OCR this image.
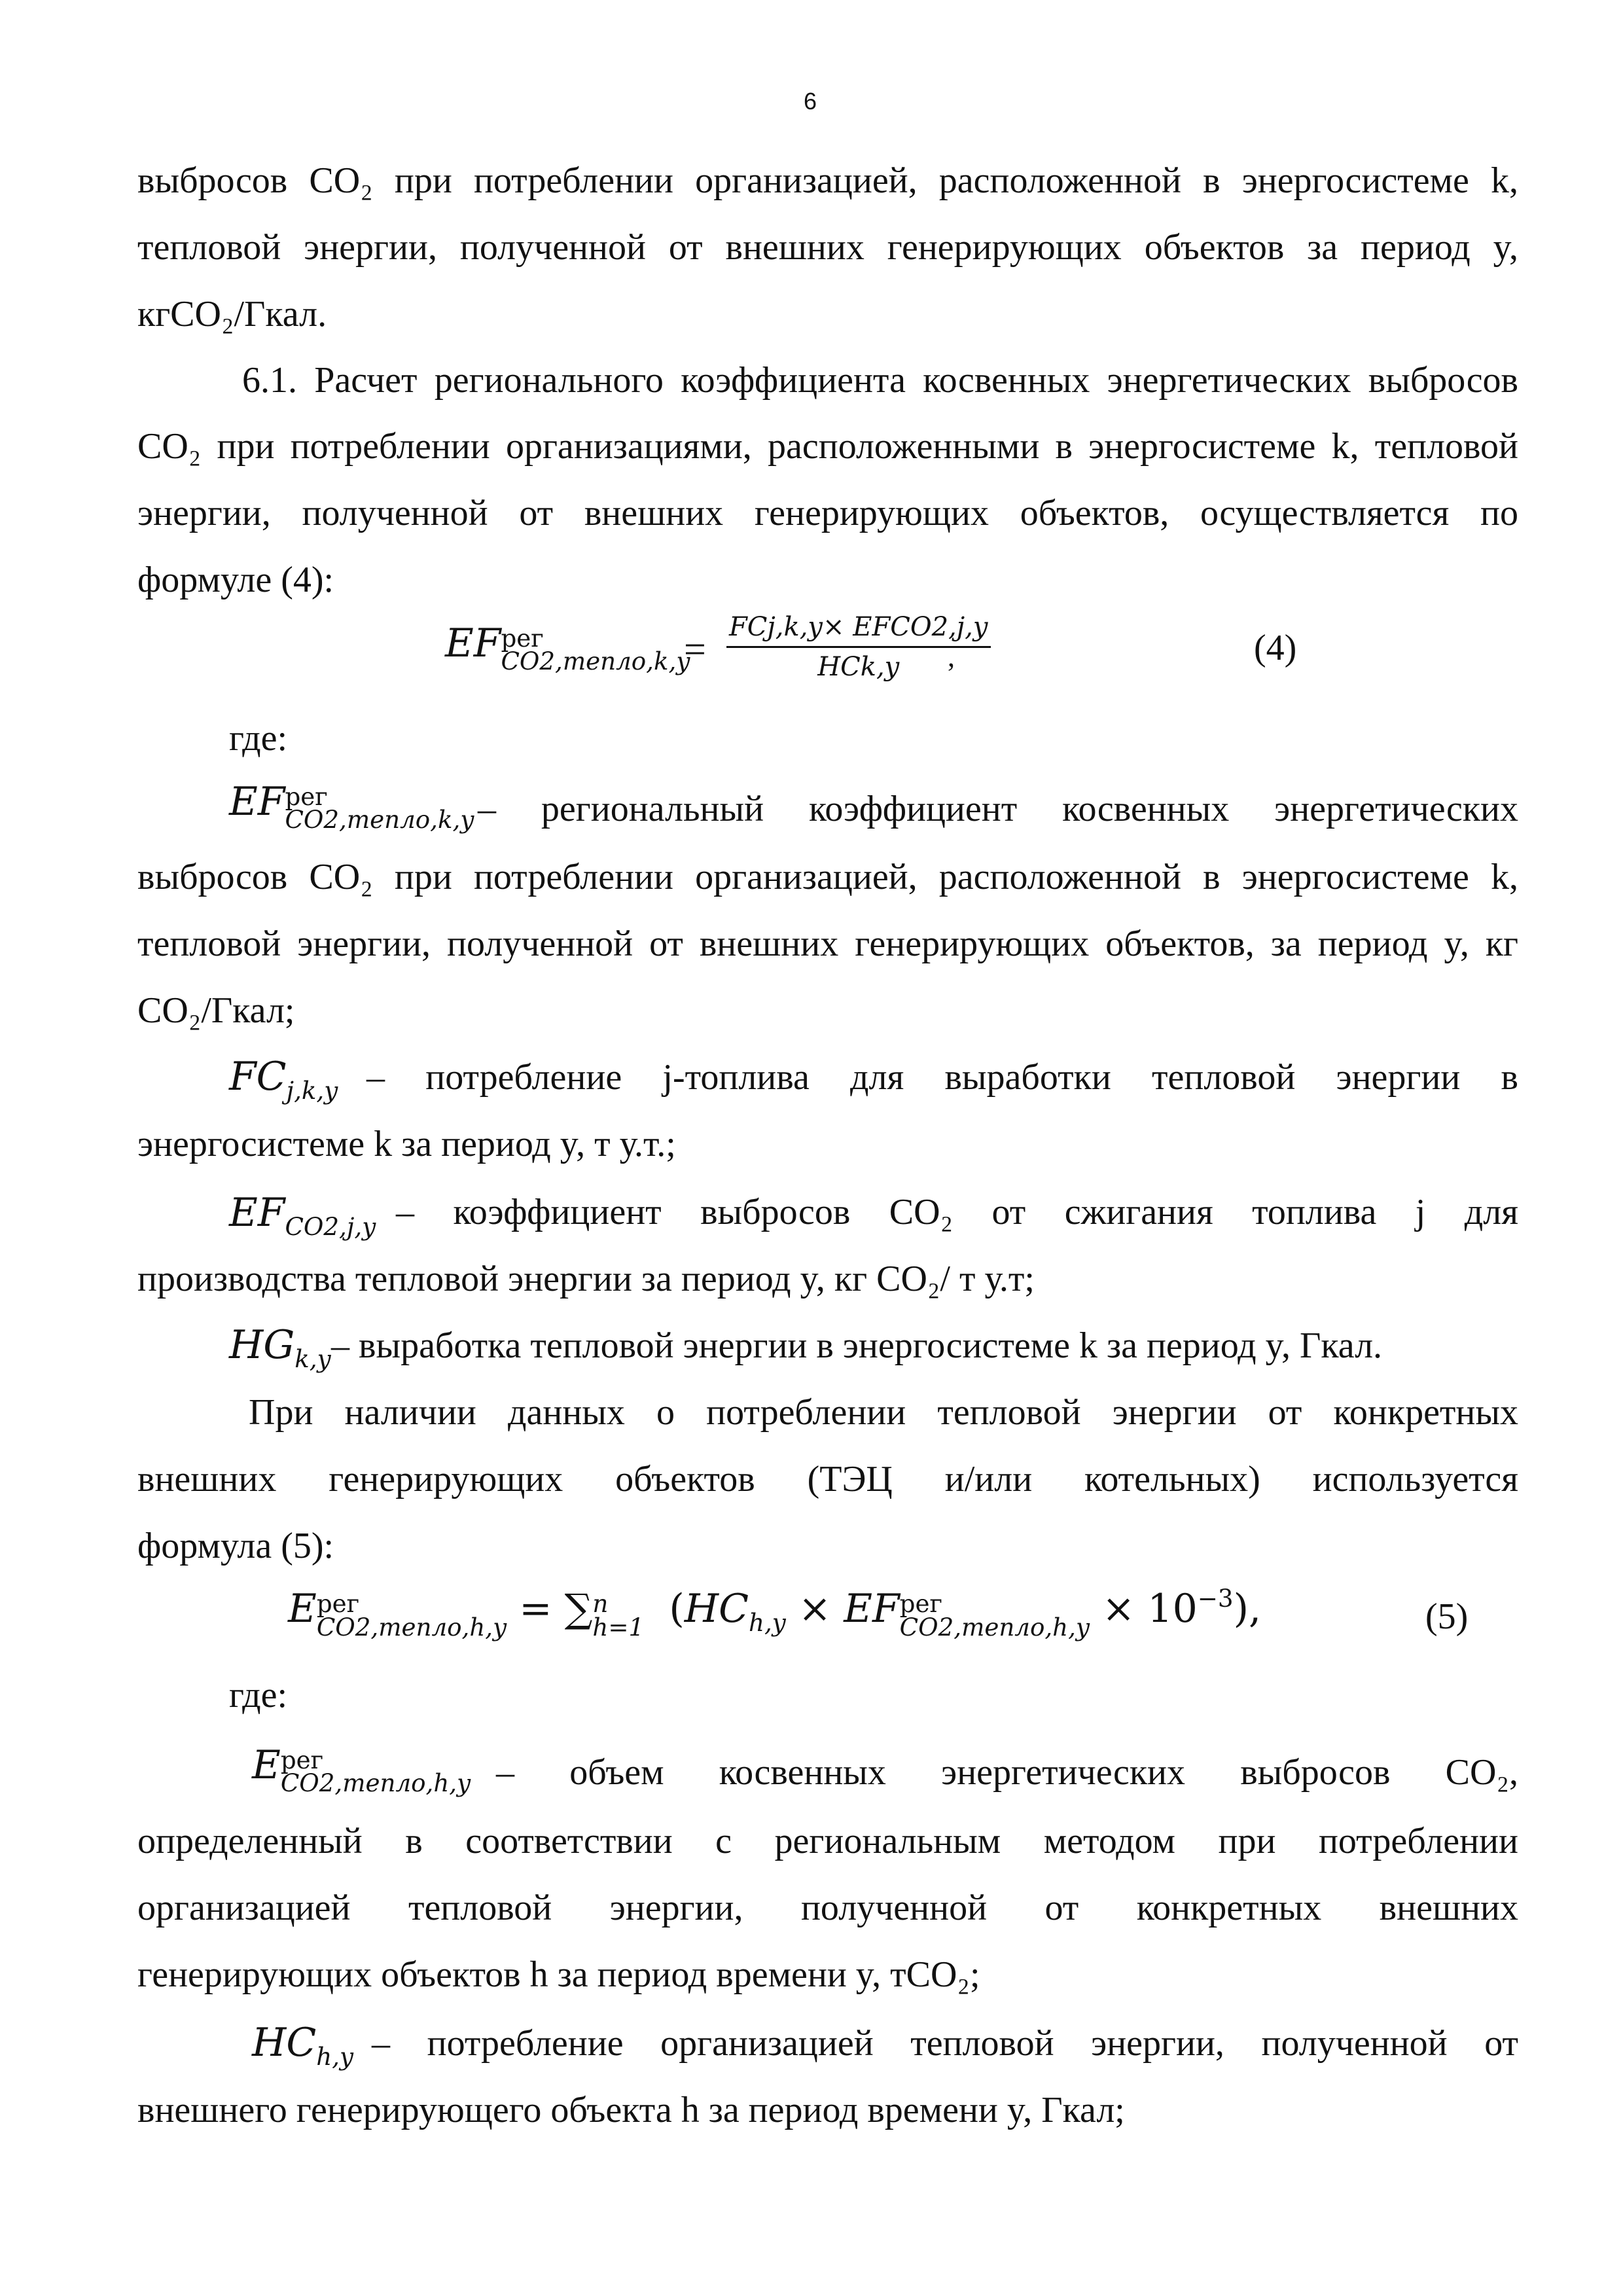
6
выбросов CO₂ при потреблении организацией, расположенной в энергосистеме k,
тепловой энергии, полученной от внешних генерирующих объектов за период y,
кгCO₂/Гкал.
6.1. Расчет регионального коэффициента косвенных энергетических выбросов
CO₂ при потреблении организациями, расположенными в энергосистеме k, тепловой
энергии, полученной от внешних генерирующих объектов, осуществляется по
формуле (4):
EF рег
CO2,тепло,k,y
= $\frac{\text{FCj,k,y× EFCO2,j,y}}{\text{HCk,y}}$
,	(4)
где:
EF рег
CO2,тепло,k,y – региональный коэффициент косвенных энергетических
выбросов CO₂ при потреблении организацией, расположенной в энергосистеме k,
тепловой энергии, полученной от внешних генерирующих объектов, за период y, кг
CO₂/Гкал;
$FC_{j,k,y}$ – потребление j-топлива для выработки тепловой энергии в
энергосистеме k за период y, т у.т.;
$EF_{CO2,j,y}$ – коэффициент выбросов CO₂ от сжигания топлива j для
производства тепловой энергии за период y, кг CO₂/ т у.т;
$HG_{k,y}$ – выработка тепловой энергии в энергосистеме k за период y, Гкал.
При наличии данных о потреблении тепловой энергии от конкретных
внешних генерирующих объектов (ТЭЦ и/или котельных) используется
формула (5):
E рег
CO2,тепло,h,y = ∑ n
h=1 ($HC_{h,y}$ × EF рег
CO2,тепло,h,y × $10^{-3}$),	(5)
где:
E рег
CO2,тепло,h,y – объем косвенных энергетических выбросов CO₂,
определенный в соответствии с региональным методом при потреблении
организацией тепловой энергии, полученной от конкретных внешних
генерирующих объектов h за период времени y, тCO₂;
$HC_{h,y}$ – потребление организацией тепловой энергии, полученной от
внешнего генерирующего объекта h за период времени y, Гкал;
